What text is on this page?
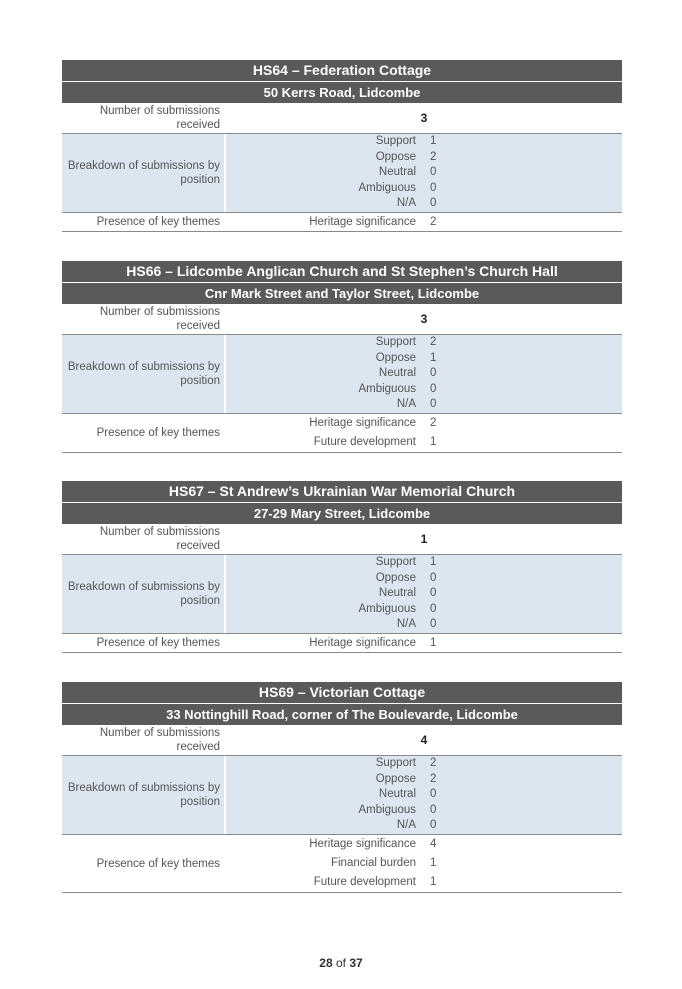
HS64 – Federation Cottage
50 Kerrs Road, Lidcombe
Number of submissions received	3
Breakdown of submissions by position
Support	1
Oppose	2
Neutral	0
Ambiguous	0
N/A	0
Presence of key themes	Heritage significance	2
HS66 – Lidcombe Anglican Church and St Stephen’s Church Hall
Cnr Mark Street and Taylor Street, Lidcombe
Number of submissions received	3
Breakdown of submissions by position
Support	2
Oppose	1
Neutral	0
Ambiguous	0
N/A	0
Presence of key themes
Heritage significance	2
Future development	1
HS67 – St Andrew’s Ukrainian War Memorial Church
27-29 Mary Street, Lidcombe
Number of submissions received	1
Breakdown of submissions by position
Support	1
Oppose	0
Neutral	0
Ambiguous	0
N/A	0
Presence of key themes	Heritage significance	1
HS69 – Victorian Cottage
33 Nottinghill Road, corner of The Boulevarde, Lidcombe
Number of submissions received	4
Breakdown of submissions by position
Support	2
Oppose	2
Neutral	0
Ambiguous	0
N/A	0
Presence of key themes
Heritage significance	4
Financial burden	1
Future development	1
28 of 37
